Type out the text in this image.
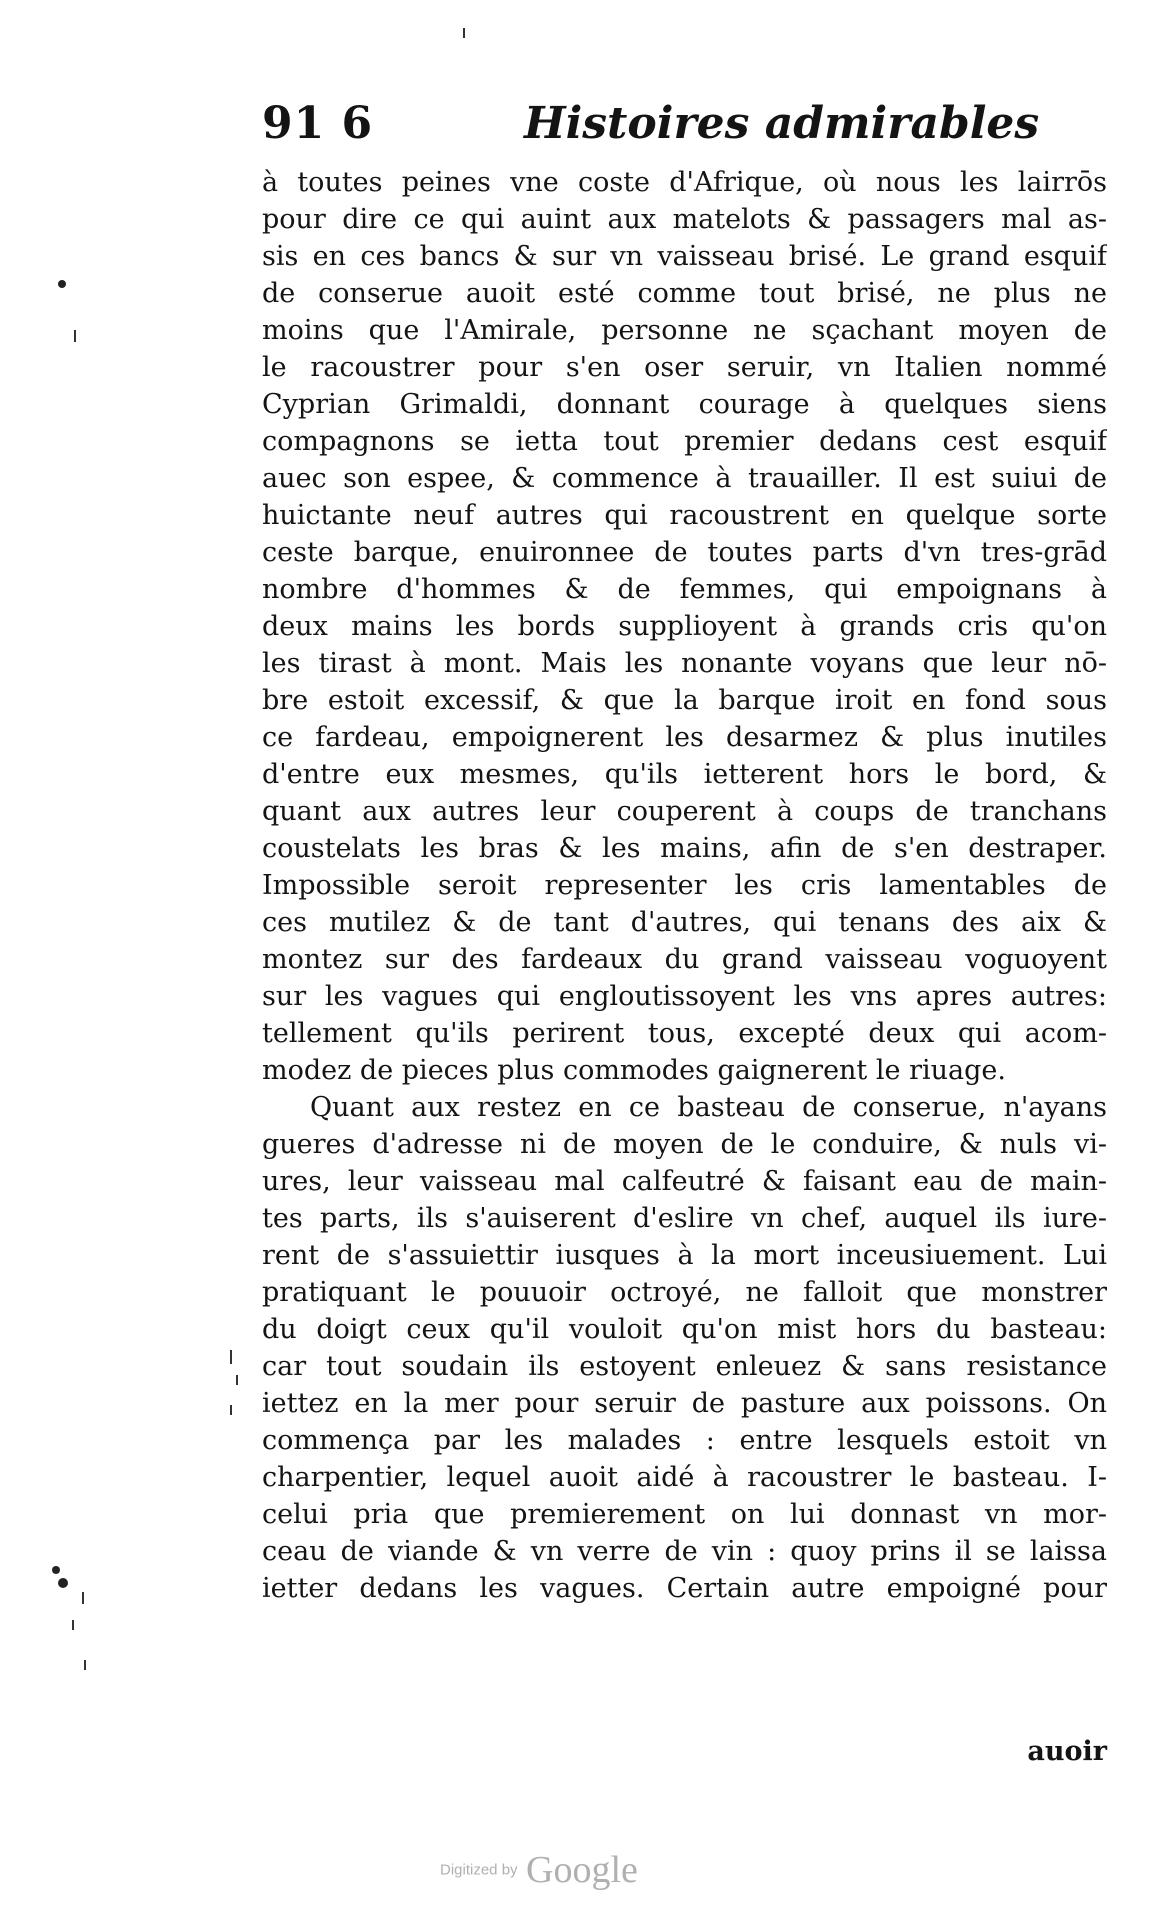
91 6	Histoires admirables
à toutes peines vne coste d'Afrique, où nous les lairrōs
pour dire ce qui auint aux matelots & passagers mal as-
sis en ces bancs & sur vn vaisseau brisé. Le grand esquif
de conserue auoit esté comme tout brisé, ne plus ne
moins que l'Amirale, personne ne sçachant moyen de
le racoustrer pour s'en oser seruir, vn Italien nommé
Cyprian Grimaldi, donnant courage à quelques siens
compagnons se ietta tout premier dedans cest esquif
auec son espee, & commence à trauailler. Il est suiui de
huictante neuf autres qui racoustrent en quelque sorte
ceste barque, enuironnee de toutes parts d'vn tres-grād
nombre d'hommes & de femmes, qui empoignans à
deux mains les bords supplioyent à grands cris qu'on
les tirast à mont. Mais les nonante voyans que leur nō-
bre estoit excessif, & que la barque iroit en fond sous
ce fardeau, empoignerent les desarmez & plus inutiles
d'entre eux mesmes, qu'ils ietterent hors le bord, &
quant aux autres leur couperent à coups de tranchans
coustelats les bras & les mains, afin de s'en destraper.
Impossible seroit representer les cris lamentables de
ces mutilez & de tant d'autres, qui tenans des aix &
montez sur des fardeaux du grand vaisseau voguoyent
sur les vagues qui engloutissoyent les vns apres autres:
tellement qu'ils perirent tous, excepté deux qui acom-
modez de pieces plus commodes gaignerent le riuage.
Quant aux restez en ce basteau de conserue, n'ayans
gueres d'adresse ni de moyen de le conduire, & nuls vi-
ures, leur vaisseau mal calfeutré & faisant eau de main-
tes parts, ils s'auiserent d'eslire vn chef, auquel ils iure-
rent de s'assuiettir iusques à la mort inceusiuement. Lui
pratiquant le pouuoir octroyé, ne falloit que monstrer
du doigt ceux qu'il vouloit qu'on mist hors du basteau:
car tout soudain ils estoyent enleuez & sans resistance
iettez en la mer pour seruir de pasture aux poissons. On
commença par les malades : entre lesquels estoit vn
charpentier, lequel auoit aidé à racoustrer le basteau. I-
celui pria que premierement on lui donnast vn mor-
ceau de viande & vn verre de vin : quoy prins il se laissa
ietter dedans les vagues. Certain autre empoigné pour
auoir
Digitized by Google
